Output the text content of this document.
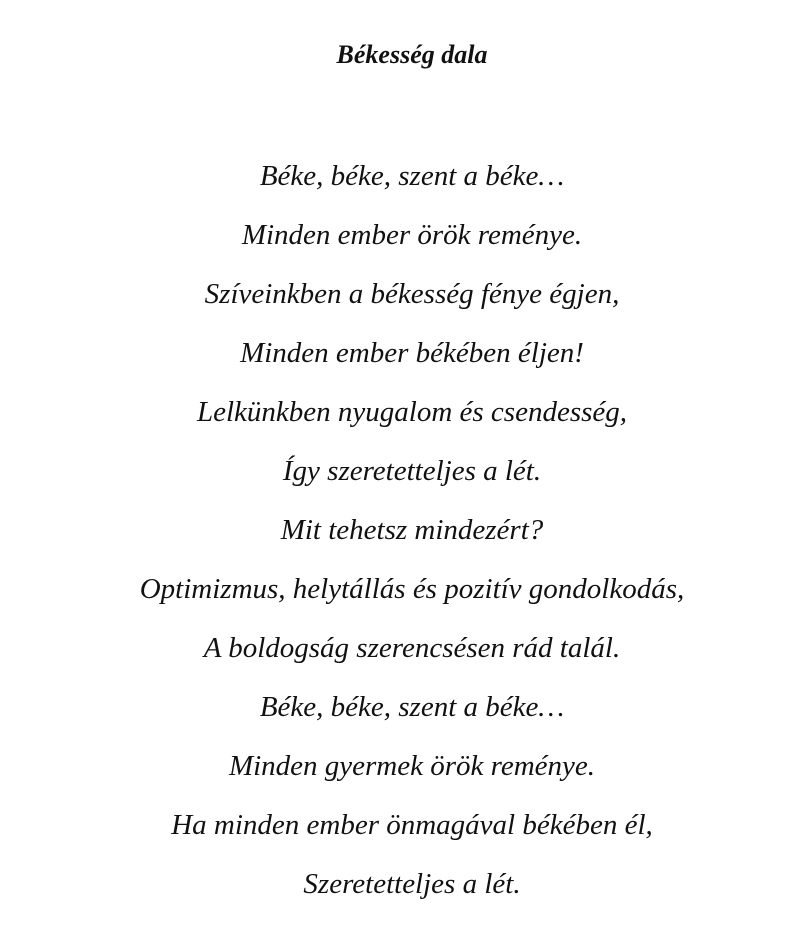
Békesség dala

Béke, béke, szent a béke…

Minden ember örök reménye.

Szíveinkben a békesség fénye égjen,

Minden ember békében éljen!

Lelkünkben nyugalom és csendesség,

Így szeretetteljes a lét.

Mit tehetsz mindezért?

Optimizmus, helytállás és pozitív gondolkodás,

A boldogság szerencsésen rád talál.

Béke, béke, szent a béke…

Minden gyermek örök reménye.

Ha minden ember önmagával békében él,

Szeretetteljes a lét.
